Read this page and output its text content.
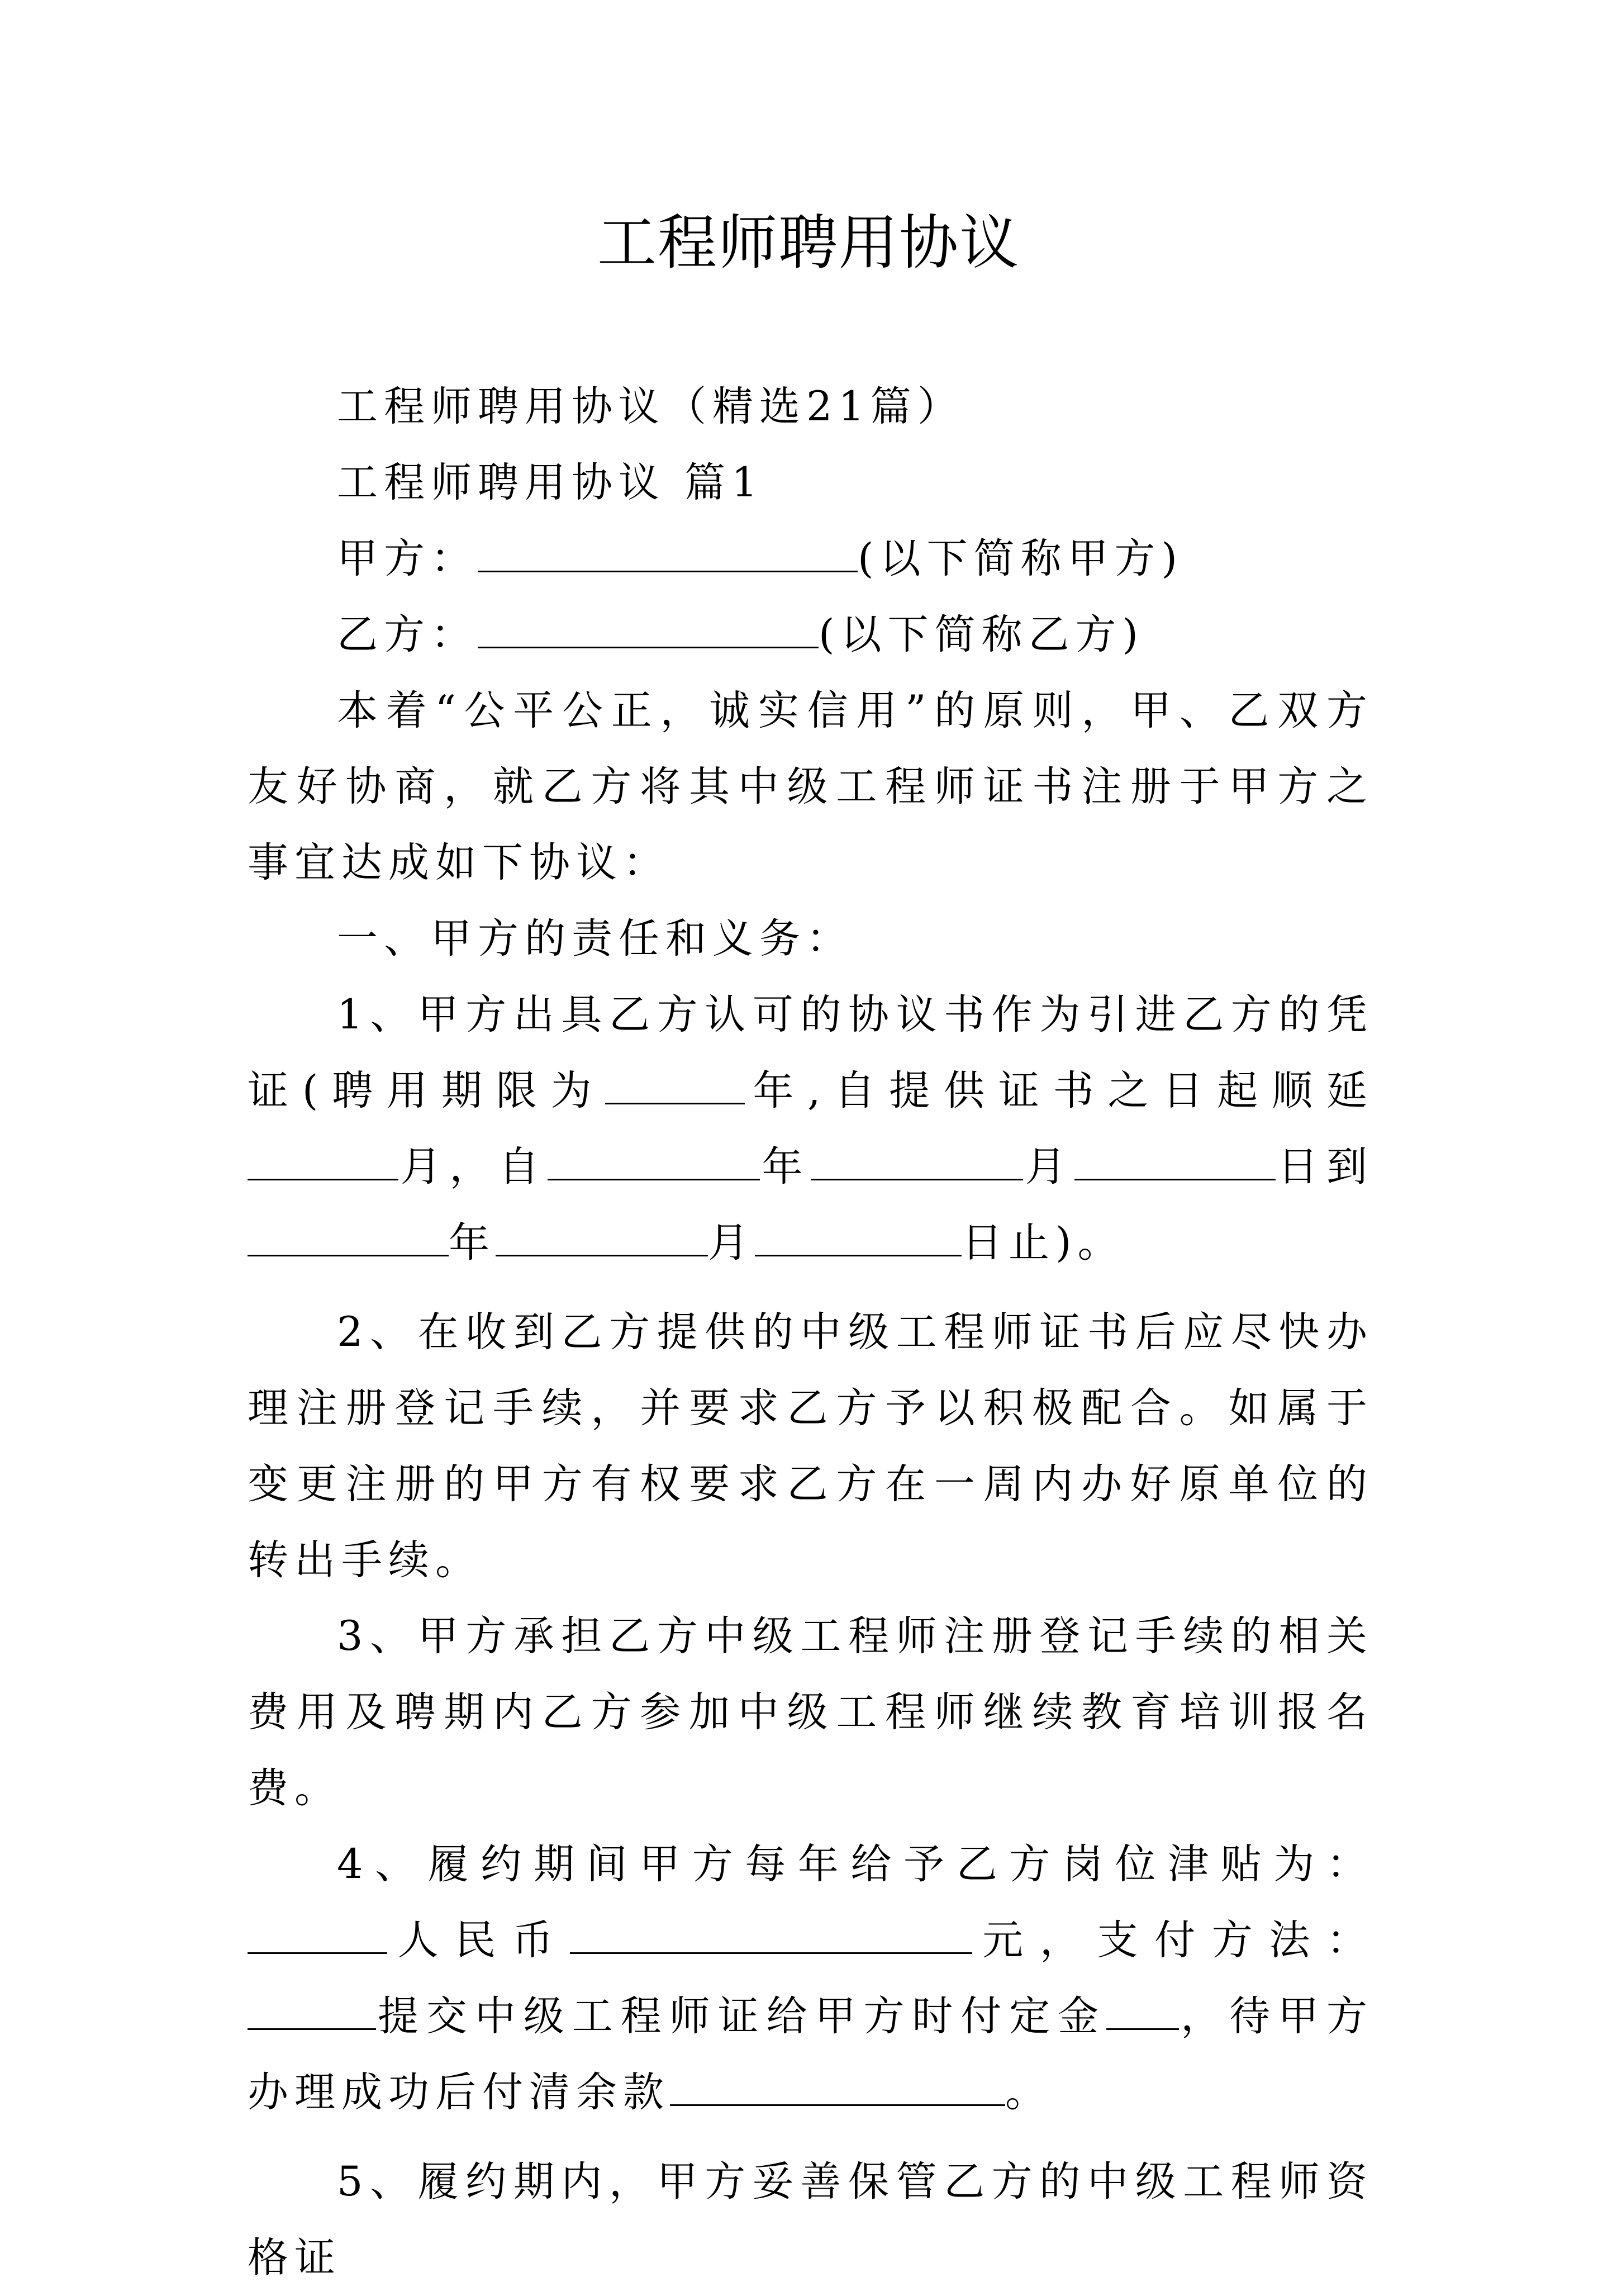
工程师聘用协议

工程师聘用协议（精选21篇）

工程师聘用协议 篇1

甲方：	(以下简称甲方)

乙方：	(以下简称乙方)

本着“公平公正，诚实信用”的原则，甲、乙双方友好协商，就乙方将其中级工程师证书注册于甲方之事宜达成如下协议：

一、甲方的责任和义务：

1、甲方出具乙方认可的协议书作为引进乙方的凭证(聘用期限为	年,自提供证书之日起顺延月，自	年	月	日到年	月	日止)。

2、在收到乙方提供的中级工程师证书后应尽快办理注册登记手续，并要求乙方予以积极配合。如属于变更注册的甲方有权要求乙方在一周内办好原单位的转出手续。

3、甲方承担乙方中级工程师注册登记手续的相关费用及聘期内乙方参加中级工程师继续教育培训报名费。

4、履约期间甲方每年给予乙方岗位津贴为：人民币	元，支付方法：提交中级工程师证给甲方时付定金 ，待甲方办理成功后付清余款	。

5、履约期内，甲方妥善保管乙方的中级工程师资格证
